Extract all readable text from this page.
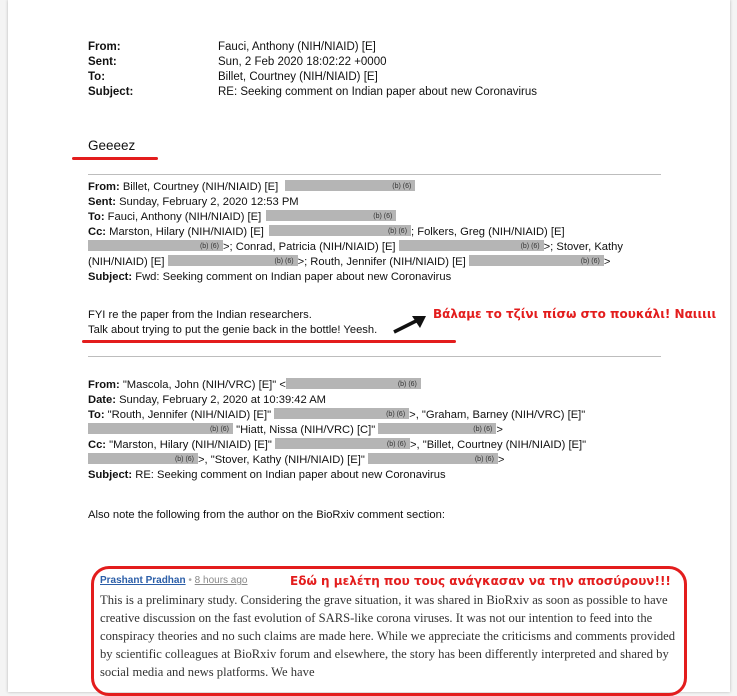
From:	Fauci, Anthony (NIH/NIAID) [E]
Sent:	Sun, 2 Feb 2020 18:02:22 +0000
To:	Billet, Courtney (NIH/NIAID) [E]
Subject:	RE: Seeking comment on Indian paper about new Coronavirus
Geeeez
From: Billet, Courtney (NIH/NIAID) [E]	(b) (6)
Sent: Sunday, February 2, 2020 12:53 PM
To: Fauci, Anthony (NIH/NIAID) [E]	(b) (6)
Cc: Marston, Hilary (NIH/NIAID) [E]	(b) (6) ; Folkers, Greg (NIH/NIAID) [E]
(b) (6) >; Conrad, Patricia (NIH/NIAID) [E]	(b) (6) >; Stover, Kathy
(NIH/NIAID) [E]	(b) (6) >; Routh, Jennifer (NIH/NIAID) [E]	(b) (6) >
Subject: Fwd: Seeking comment on Indian paper about new Coronavirus
FYI re the paper from the Indian researchers.
Talk about trying to put the genie back in the bottle! Yeesh.
Βάλαμε το τζίνι πίσω στο πουκάλι! Ναιιιιι
From: "Mascola, John (NIH/VRC) [E]" <	(b) (6)
Date: Sunday, February 2, 2020 at 10:39:42 AM
To: "Routh, Jennifer (NIH/NIAID) [E]"	(b) (6) >, "Graham, Barney (NIH/VRC) [E]"
(b) (6) "Hiatt, Nissa (NIH/VRC) [C]"	(b) (6) >
Cc: "Marston, Hilary (NIH/NIAID) [E]"	(b) (6) >, "Billet, Courtney (NIH/NIAID) [E]"
(b) (6) >, "Stover, Kathy (NIH/NIAID) [E]"	(b) (6) >
Subject: RE: Seeking comment on Indian paper about new Coronavirus
Also note the following from the author on the BioRxiv comment section:
Prashant Pradhan • 8 hours ago	Εδώ η μελέτη που τους ανάγκασαν να την αποσύρουν!!!
This is a preliminary study. Considering the grave situation, it was shared in BioRxiv as soon as possible to have creative discussion on the fast evolution of SARS-like corona viruses. It was not our intention to feed into the conspiracy theories and no such claims are made here. While we appreciate the criticisms and comments provided by scientific colleagues at BioRxiv forum and elsewhere, the story has been differently interpreted and shared by social media and news platforms. We have
